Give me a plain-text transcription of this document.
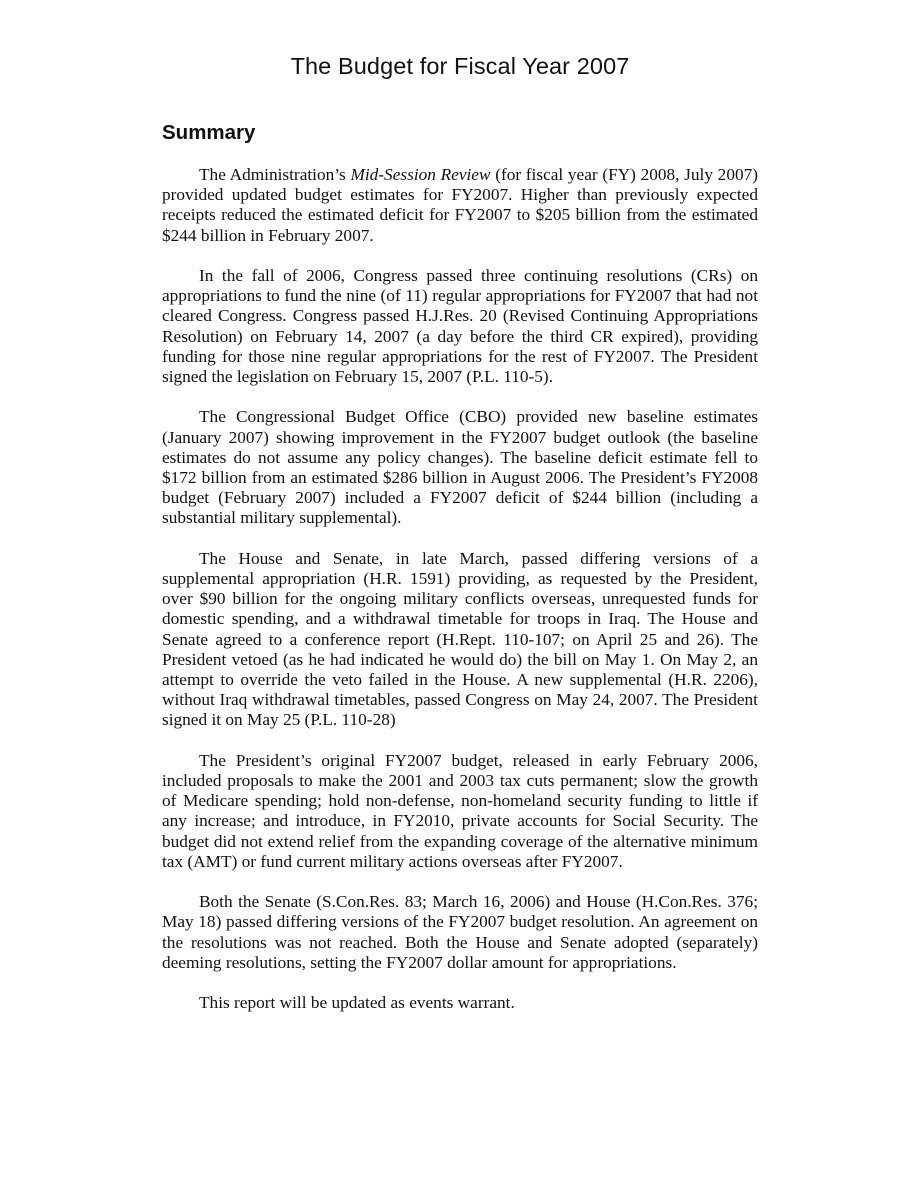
The Budget for Fiscal Year 2007
Summary

The Administration’s Mid-Session Review (for fiscal year (FY) 2008, July 2007) provided updated budget estimates for FY2007. Higher than previously expected receipts reduced the estimated deficit for FY2007 to $205 billion from the estimated $244 billion in February 2007.

In the fall of 2006, Congress passed three continuing resolutions (CRs) on appropriations to fund the nine (of 11) regular appropriations for FY2007 that had not cleared Congress. Congress passed H.J.Res. 20 (Revised Continuing Appropriations Resolution) on February 14, 2007 (a day before the third CR expired), providing funding for those nine regular appropriations for the rest of FY2007. The President signed the legislation on February 15, 2007 (P.L. 110-5).

The Congressional Budget Office (CBO) provided new baseline estimates (January 2007) showing improvement in the FY2007 budget outlook (the baseline estimates do not assume any policy changes). The baseline deficit estimate fell to $172 billion from an estimated $286 billion in August 2006. The President’s FY2008 budget (February 2007) included a FY2007 deficit of $244 billion (including a substantial military supplemental).

The House and Senate, in late March, passed differing versions of a supplemental appropriation (H.R. 1591) providing, as requested by the President, over $90 billion for the ongoing military conflicts overseas, unrequested funds for domestic spending, and a withdrawal timetable for troops in Iraq. The House and Senate agreed to a conference report (H.Rept. 110-107; on April 25 and 26). The President vetoed (as he had indicated he would do) the bill on May 1. On May 2, an attempt to override the veto failed in the House. A new supplemental (H.R. 2206), without Iraq withdrawal timetables, passed Congress on May 24, 2007. The President signed it on May 25 (P.L. 110-28)

The President’s original FY2007 budget, released in early February 2006, included proposals to make the 2001 and 2003 tax cuts permanent; slow the growth of Medicare spending; hold non-defense, non-homeland security funding to little if any increase; and introduce, in FY2010, private accounts for Social Security. The budget did not extend relief from the expanding coverage of the alternative minimum tax (AMT) or fund current military actions overseas after FY2007.

Both the Senate (S.Con.Res. 83; March 16, 2006) and House (H.Con.Res. 376; May 18) passed differing versions of the FY2007 budget resolution. An agreement on the resolutions was not reached. Both the House and Senate adopted (separately) deeming resolutions, setting the FY2007 dollar amount for appropriations.

This report will be updated as events warrant.
